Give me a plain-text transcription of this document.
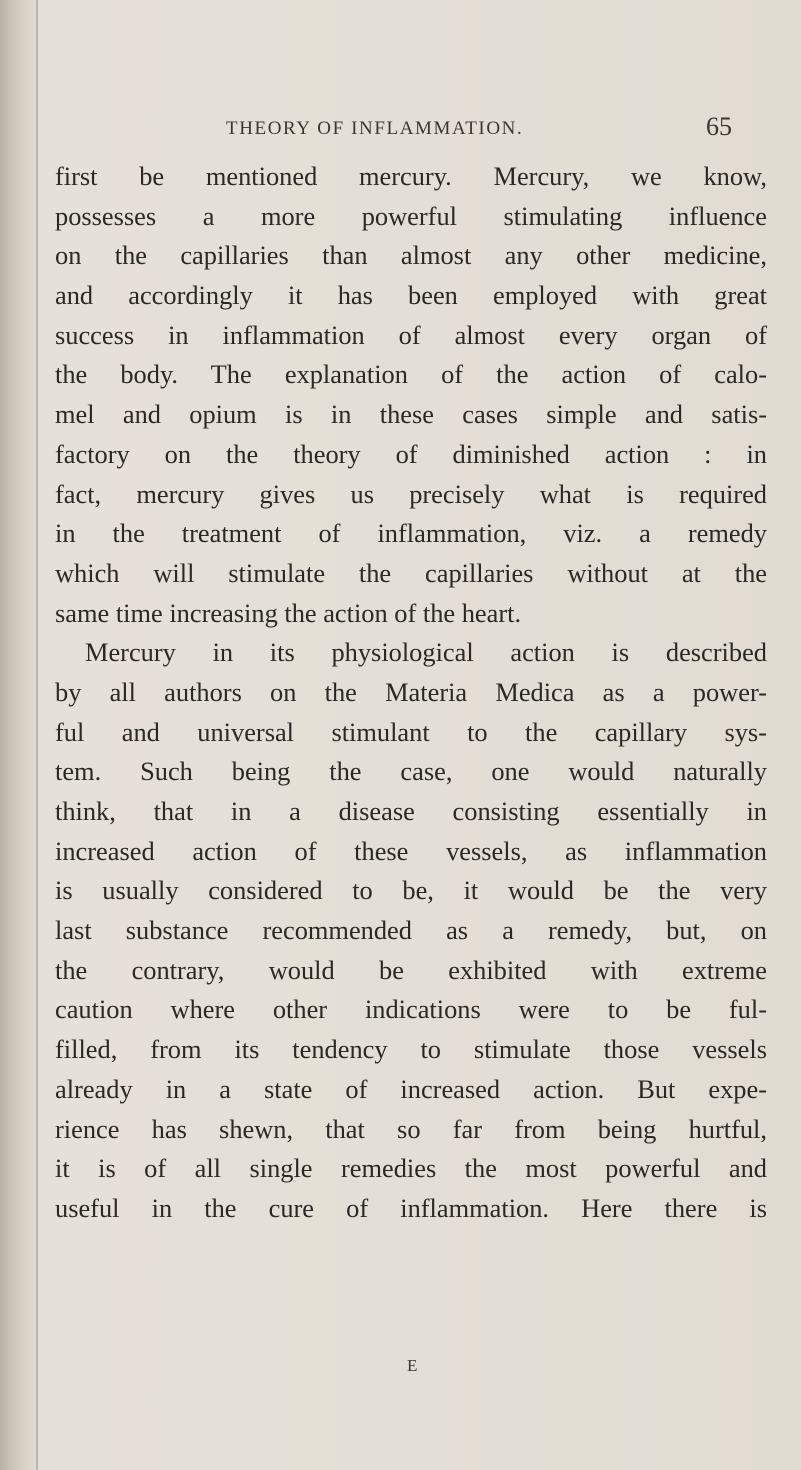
THEORY OF INFLAMMATION.	65
first be mentioned mercury. Mercury, we know,
possesses a more powerful stimulating influence
on the capillaries than almost any other medicine,
and accordingly it has been employed with great
success in inflammation of almost every organ of
the body. The explanation of the action of calo-
mel and opium is in these cases simple and satis-
factory on the theory of diminished action : in
fact, mercury gives us precisely what is required
in the treatment of inflammation, viz. a remedy
which will stimulate the capillaries without at the
same time increasing the action of the heart.
Mercury in its physiological action is described
by all authors on the Materia Medica as a power-
ful and universal stimulant to the capillary sys-
tem. Such being the case, one would naturally
think, that in a disease consisting essentially in
increased action of these vessels, as inflammation
is usually considered to be, it would be the very
last substance recommended as a remedy, but, on
the contrary, would be exhibited with extreme
caution where other indications were to be ful-
filled, from its tendency to stimulate those vessels
already in a state of increased action. But expe-
rience has shewn, that so far from being hurtful,
it is of all single remedies the most powerful and
useful in the cure of inflammation. Here there is
E
